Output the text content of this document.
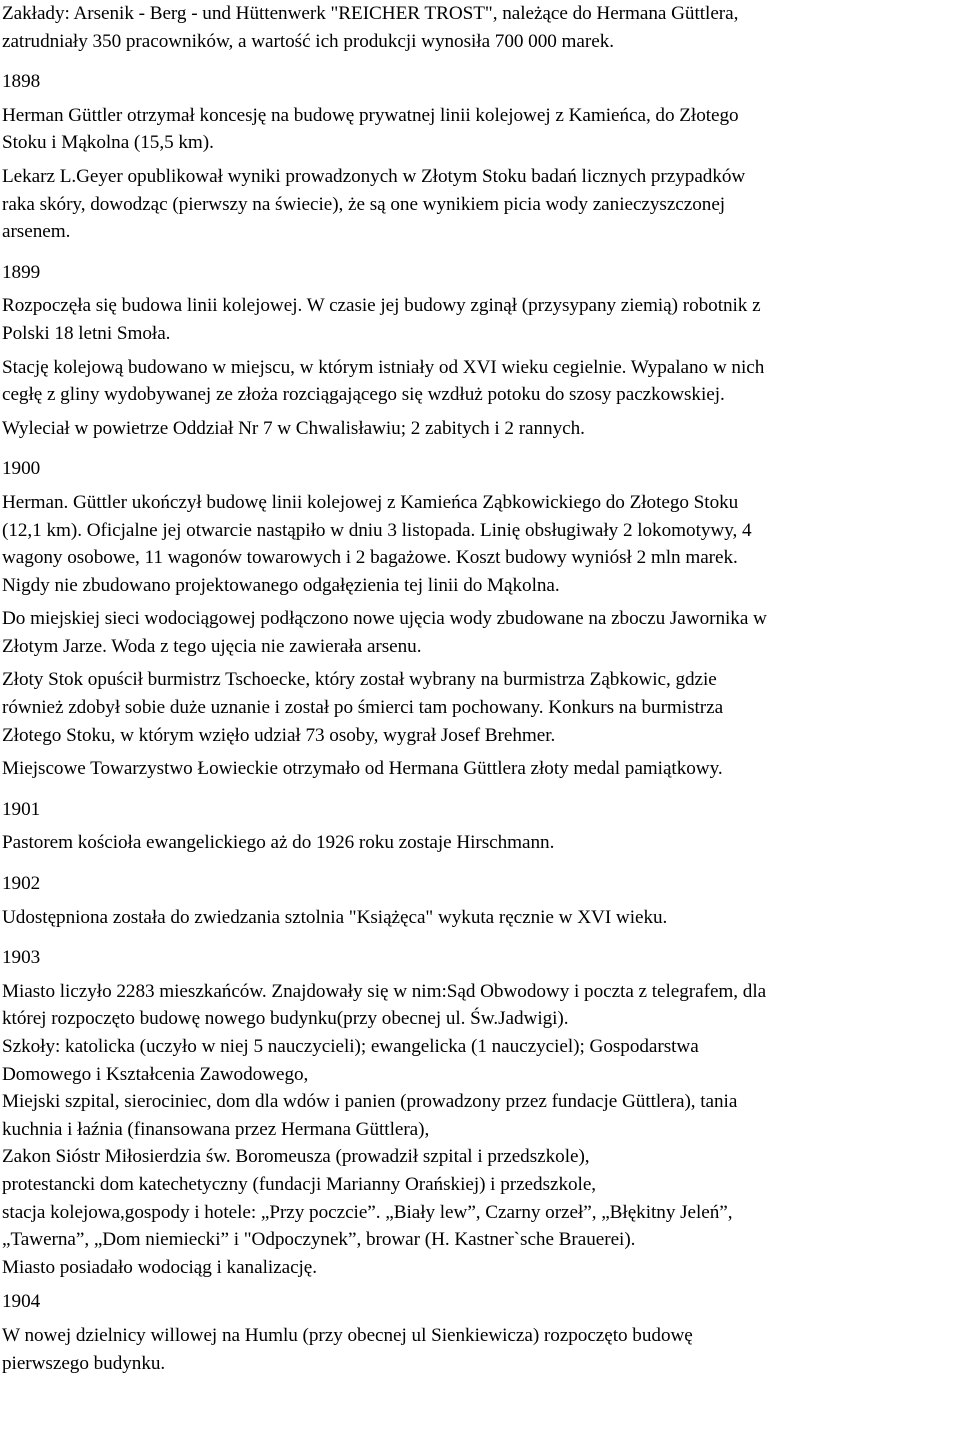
Zakłady: Arsenik - Berg - und Hüttenwerk "REICHER TROST", należące do Hermana Güttlera,
zatrudniały 350 pracowników, a wartość ich produkcji wynosiła 700 000 marek.
1898
Herman Güttler otrzymał koncesję na budowę prywatnej linii kolejowej z Kamieńca, do Złotego
Stoku i Mąkolna (15,5 km).
Lekarz L.Geyer opublikował wyniki prowadzonych w Złotym Stoku badań licznych przypadków
raka skóry, dowodząc (pierwszy na świecie), że są one wynikiem picia wody zanieczyszczonej
arsenem.
1899
Rozpoczęła się budowa linii kolejowej. W czasie jej budowy zginął (przysypany ziemią) robotnik z
Polski 18 letni Smoła.
Stację kolejową budowano w miejscu, w którym istniały od XVI wieku cegielnie. Wypalano w nich
cegłę z gliny wydobywanej ze złoża rozciągającego się wzdłuż potoku do szosy paczkowskiej.
Wyleciał w powietrze Oddział Nr 7 w Chwalisławiu; 2 zabitych i 2 rannych.
1900
Herman. Güttler ukończył budowę linii kolejowej z Kamieńca Ząbkowickiego do Złotego Stoku
(12,1 km). Oficjalne jej otwarcie nastąpiło w dniu 3 listopada. Linię obsługiwały 2 lokomotywy, 4
wagony osobowe, 11 wagonów towarowych i 2 bagażowe. Koszt budowy wyniósł 2 mln marek.
Nigdy nie zbudowano projektowanego odgałęzienia tej linii do Mąkolna.
Do miejskiej sieci wodociągowej podłączono nowe ujęcia wody zbudowane na zboczu Jawornika w
Złotym Jarze. Woda z tego ujęcia nie zawierała arsenu.
Złoty Stok opuścił burmistrz Tschoecke, który został wybrany na burmistrza Ząbkowic, gdzie
również zdobył sobie duże uznanie i został po śmierci tam pochowany. Konkurs na burmistrza
Złotego Stoku, w którym wzięło udział 73 osoby, wygrał Josef Brehmer.
Miejscowe Towarzystwo Łowieckie otrzymało od Hermana Güttlera złoty medal pamiątkowy.
1901
Pastorem kościoła ewangelickiego aż do 1926 roku zostaje Hirschmann.
1902
Udostępniona została do zwiedzania sztolnia "Książęca" wykuta ręcznie w XVI wieku.
1903
Miasto liczyło 2283 mieszkańców. Znajdowały się w nim:Sąd Obwodowy i poczta z telegrafem, dla
której rozpoczęto budowę nowego budynku(przy obecnej ul. Św.Jadwigi).
Szkoły: katolicka (uczyło w niej 5 nauczycieli); ewangelicka (1 nauczyciel); Gospodarstwa
Domowego i Kształcenia Zawodowego,
Miejski szpital, sierociniec, dom dla wdów i panien (prowadzony przez fundacje Güttlera), tania
kuchnia i łaźnia (finansowana przez Hermana Güttlera),
Zakon Sióstr Miłosierdzia św. Boromeusza (prowadził szpital i przedszkole),
protestancki dom katechetyczny (fundacji Marianny Orańskiej) i przedszkole,
stacja kolejowa,gospody i hotele: „Przy poczcie”. „Biały lew”, Czarny orzeł”, „Błękitny Jeleń”,
„Tawerna”, „Dom niemiecki” i "Odpoczynek”, browar (H. Kastner`sche Brauerei).
Miasto posiadało wodociąg i kanalizację.
1904
W nowej dzielnicy willowej na Humlu (przy obecnej ul Sienkiewicza) rozpoczęto budowę
pierwszego budynku.
